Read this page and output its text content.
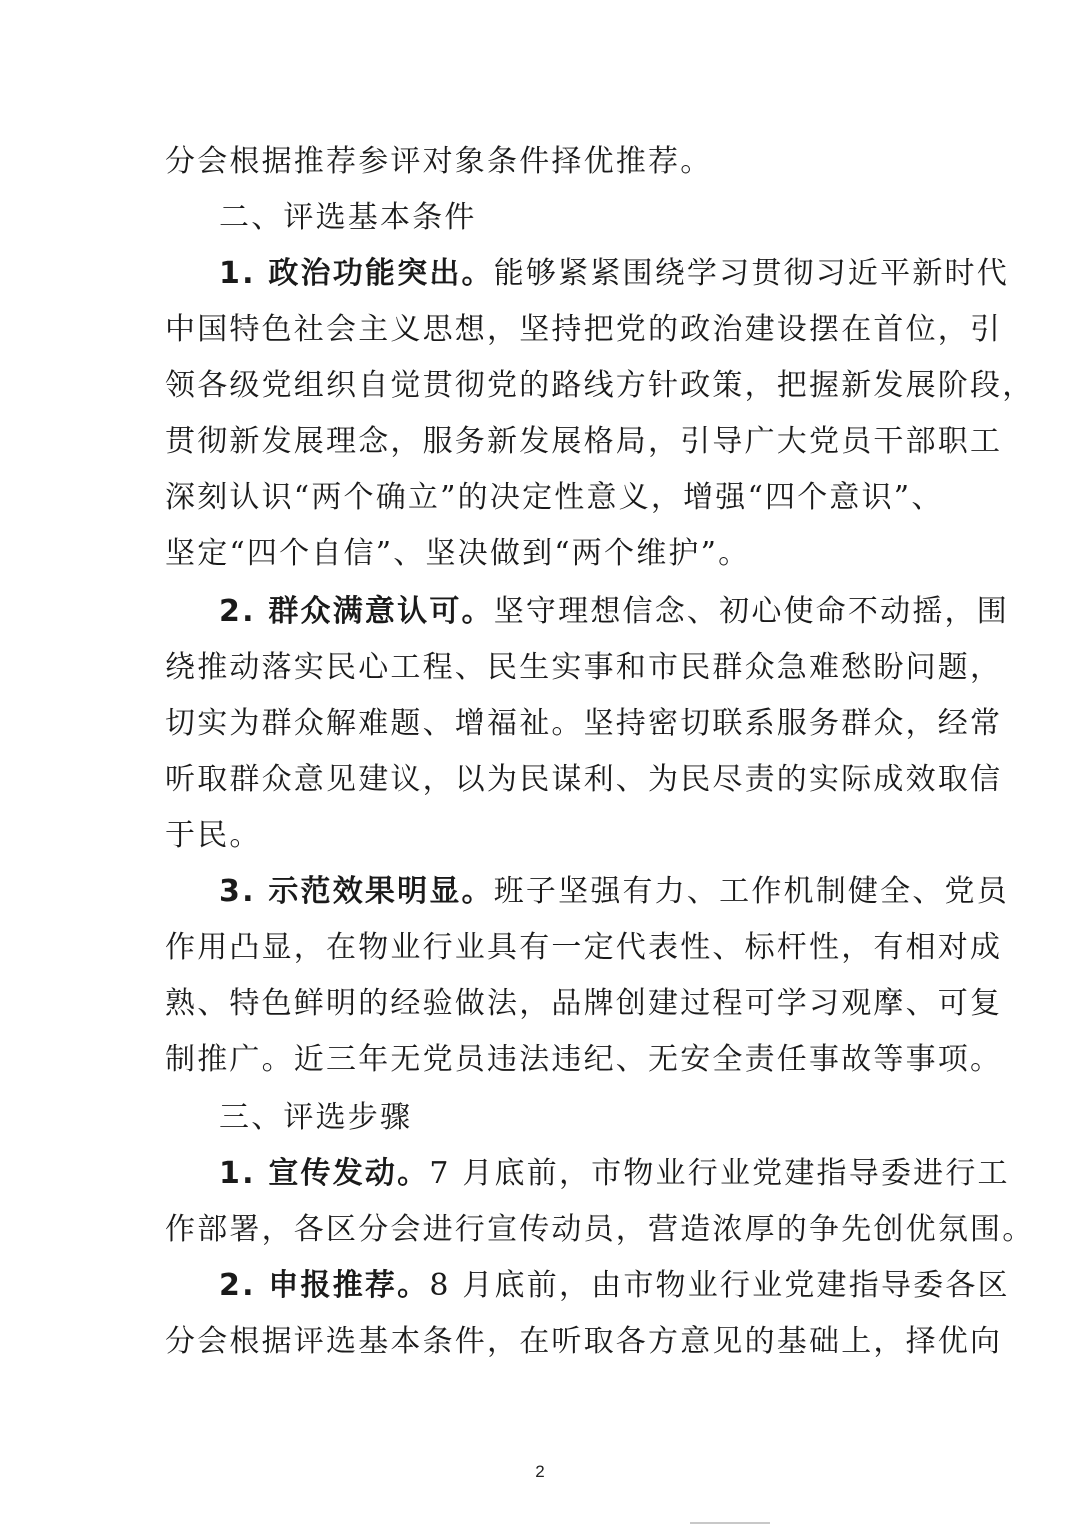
分会根据推荐参评对象条件择优推荐。
二、评选基本条件
1. 政治功能突出。能够紧紧围绕学习贯彻习近平新时代
中国特色社会主义思想，坚持把党的政治建设摆在首位，引
领各级党组织自觉贯彻党的路线方针政策，把握新发展阶段，
贯彻新发展理念，服务新发展格局，引导广大党员干部职工
深刻认识“两个确立”的决定性意义，增强“四个意识”、
坚定“四个自信”、坚决做到“两个维护”。
2. 群众满意认可。坚守理想信念、初心使命不动摇，围
绕推动落实民心工程、民生实事和市民群众急难愁盼问题，
切实为群众解难题、增福祉。坚持密切联系服务群众，经常
听取群众意见建议，以为民谋利、为民尽责的实际成效取信
于民。
3. 示范效果明显。班子坚强有力、工作机制健全、党员
作用凸显，在物业行业具有一定代表性、标杆性，有相对成
熟、特色鲜明的经验做法，品牌创建过程可学习观摩、可复
制推广。近三年无党员违法违纪、无安全责任事故等事项。
三、评选步骤
1. 宣传发动。7 月底前，市物业行业党建指导委进行工
作部署，各区分会进行宣传动员，营造浓厚的争先创优氛围。
2. 申报推荐。8 月底前，由市物业行业党建指导委各区
分会根据评选基本条件，在听取各方意见的基础上，择优向
2
